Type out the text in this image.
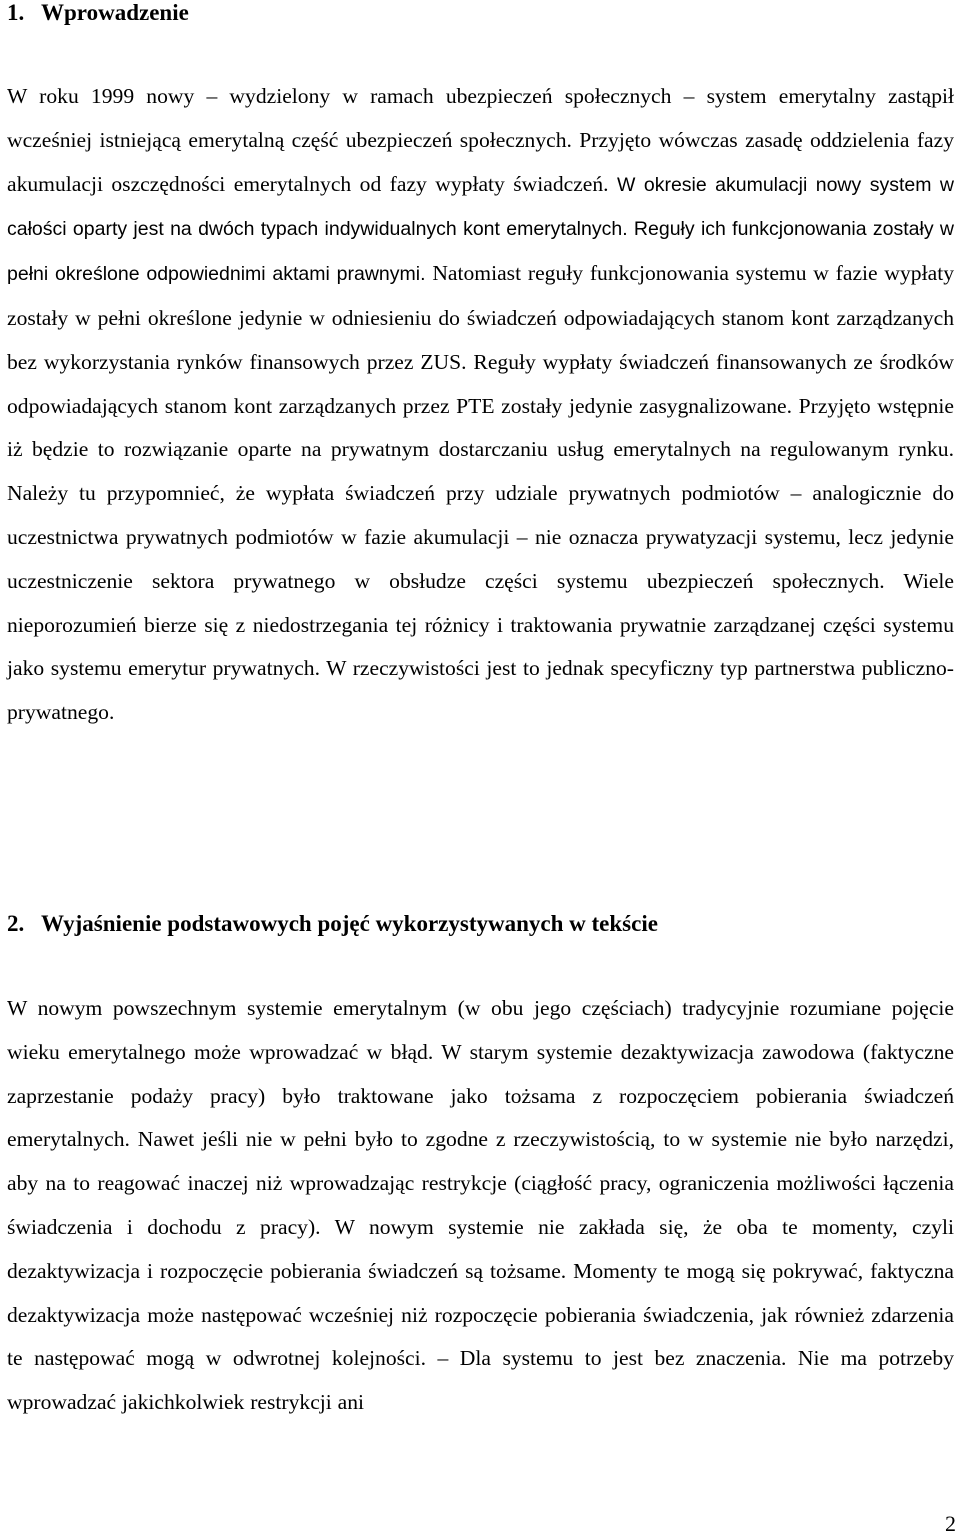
1. Wprowadzenie

W roku 1999 nowy – wydzielony w ramach ubezpieczeń społecznych – system emerytalny zastąpił wcześniej istniejącą emerytalną część ubezpieczeń społecznych. Przyjęto wówczas zasadę oddzielenia fazy akumulacji oszczędności emerytalnych od fazy wypłaty świadczeń. W okresie akumulacji nowy system w całości oparty jest na dwóch typach indywidualnych kont emerytalnych. Reguły ich funkcjonowania zostały w pełni określone odpowiednimi aktami prawnymi. Natomiast reguły funkcjonowania systemu w fazie wypłaty zostały w pełni określone jedynie w odniesieniu do świadczeń odpowiadających stanom kont zarządzanych bez wykorzystania rynków finansowych przez ZUS. Reguły wypłaty świadczeń finansowanych ze środków odpowiadających stanom kont zarządzanych przez PTE zostały jedynie zasygnalizowane. Przyjęto wstępnie iż będzie to rozwiązanie oparte na prywatnym dostarczaniu usług emerytalnych na regulowanym rynku. Należy tu przypomnieć, że wypłata świadczeń przy udziale prywatnych podmiotów – analogicznie do uczestnictwa prywatnych podmiotów w fazie akumulacji – nie oznacza prywatyzacji systemu, lecz jedynie uczestniczenie sektora prywatnego w obsłudze części systemu ubezpieczeń społecznych. Wiele nieporozumień bierze się z niedostrzegania tej różnicy i traktowania prywatnie zarządzanej części systemu jako systemu emerytur prywatnych. W rzeczywistości jest to jednak specyficzny typ partnerstwa publiczno-prywatnego.

2. Wyjaśnienie podstawowych pojęć wykorzystywanych w tekście

W nowym powszechnym systemie emerytalnym (w obu jego częściach) tradycyjnie rozumiane pojęcie wieku emerytalnego może wprowadzać w błąd. W starym systemie dezaktywizacja zawodowa (faktyczne zaprzestanie podaży pracy) było traktowane jako tożsama z rozpoczęciem pobierania świadczeń emerytalnych. Nawet jeśli nie w pełni było to zgodne z rzeczywistością, to w systemie nie było narzędzi, aby na to reagować inaczej niż wprowadzając restrykcje (ciągłość pracy, ograniczenia możliwości łączenia świadczenia i dochodu z pracy). W nowym systemie nie zakłada się, że oba te momenty, czyli dezaktywizacja i rozpoczęcie pobierania świadczeń są tożsame. Momenty te mogą się pokrywać, faktyczna dezaktywizacja może następować wcześniej niż rozpoczęcie pobierania świadczenia, jak również zdarzenia te następować mogą w odwrotnej kolejności. – Dla systemu to jest bez znaczenia. Nie ma potrzeby wprowadzać jakichkolwiek restrykcji ani

2
